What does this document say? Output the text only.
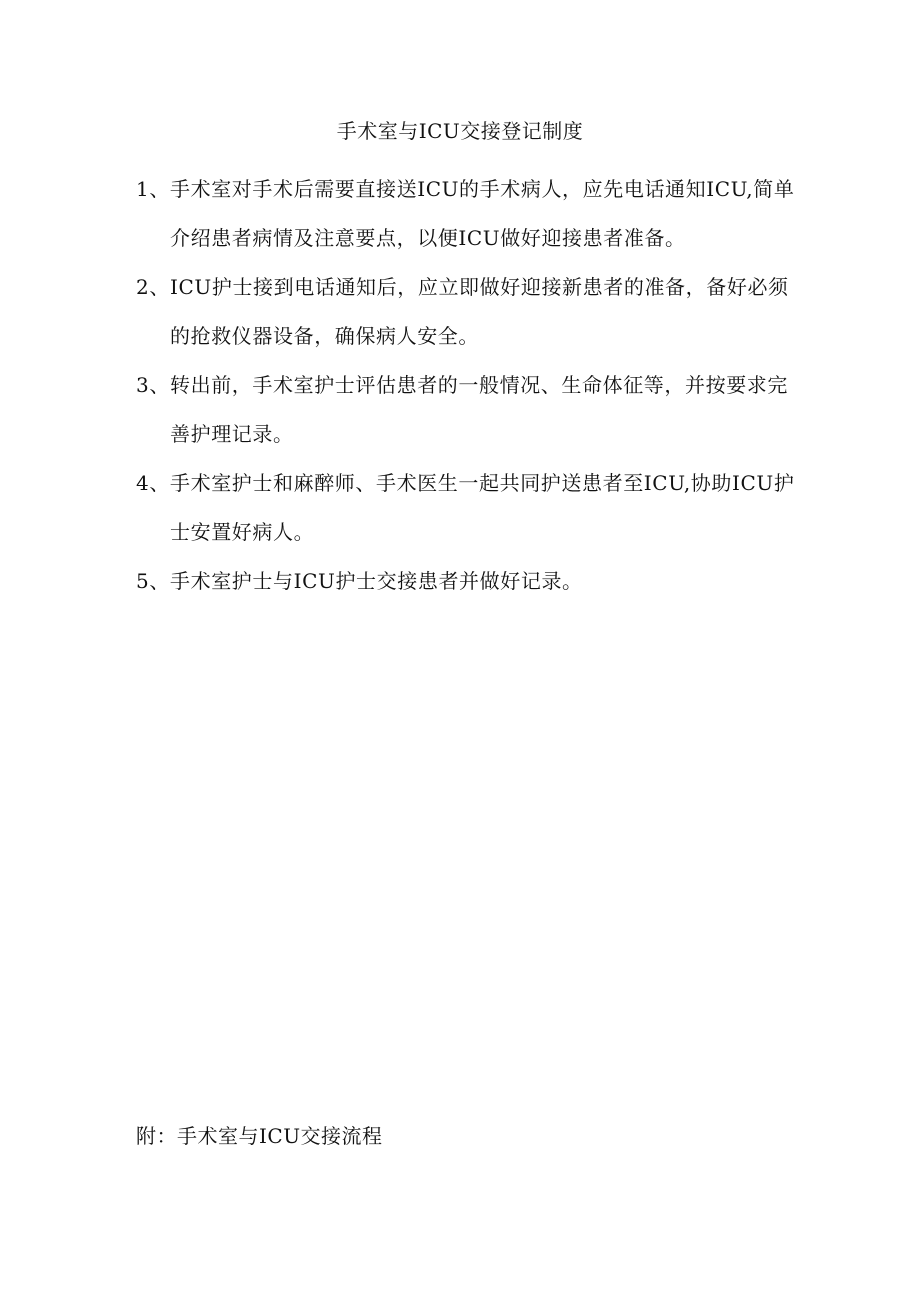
手术室与ICU交接登记制度
1、 手术室对手术后需要直接送ICU的手术病人，应先电话通知ICU,简单介绍患者病情及注意要点，以便ICU做好迎接患者准备。
2、 ICU护士接到电话通知后，应立即做好迎接新患者的准备，备好必须的抢救仪器设备，确保病人安全。
3、 转出前，手术室护士评估患者的一般情况、生命体征等，并按要求完善护理记录。
4、 手术室护士和麻醉师、手术医生一起共同护送患者至ICU,协助ICU护士安置好病人。
5、 手术室护士与ICU护士交接患者并做好记录。
附：手术室与ICU交接流程
